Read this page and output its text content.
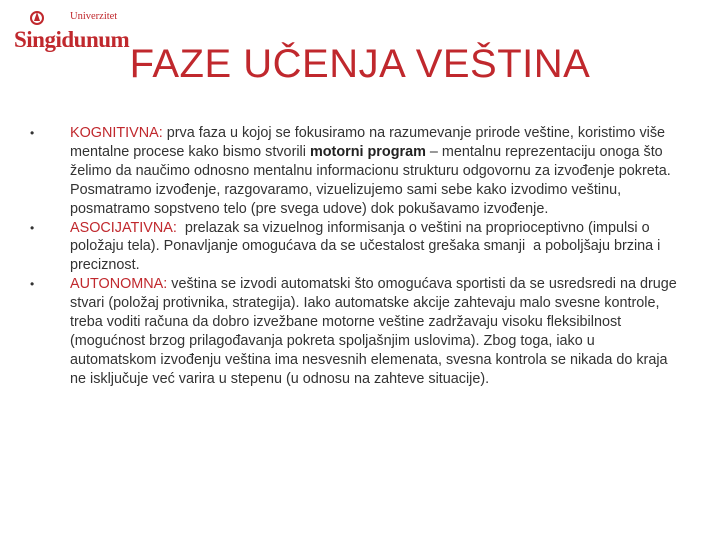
Univerzitet
Singidunum
FAZE UČENJA VEŠTINA
•	KOGNITIVNA: prva faza u kojoj se fokusiramo na razumevanje prirode veštine, koristimo više mentalne procese kako bismo stvorili motorni program – mentalnu reprezentaciju onoga što želimo da naučimo odnosno mentalnu informacionu strukturu odgovornu za izvođenje pokreta. Posmatramo izvođenje, razgovaramo, vizuelizujemo sami sebe kako izvodimo veštinu, posmatramo sopstveno telo (pre svega udove) dok pokušavamo izvođenje.
•	ASOCIJATIVNA:  prelazak sa vizuelnog informisanja o veštini na proprioceptivno (impulsi o položaju tela). Ponavljanje omogućava da se učestalost grešaka smanji  a poboljšaju brzina i preciznost.
•	AUTONOMNA: veština se izvodi automatski što omogućava sportisti da se usredsredi na druge stvari (položaj protivnika, strategija). Iako automatske akcije zahtevaju malo svesne kontrole, treba voditi računa da dobro izvežbane motorne veštine zadržavaju visoku fleksibilnost (mogućnost brzog prilagođavanja pokreta spoljašnjim uslovima). Zbog toga, iako u automatskom izvođenju veština ima nesvesnih elemenata, svesna kontrola se nikada do kraja ne isključuje već varira u stepenu (u odnosu na zahteve situacije).
